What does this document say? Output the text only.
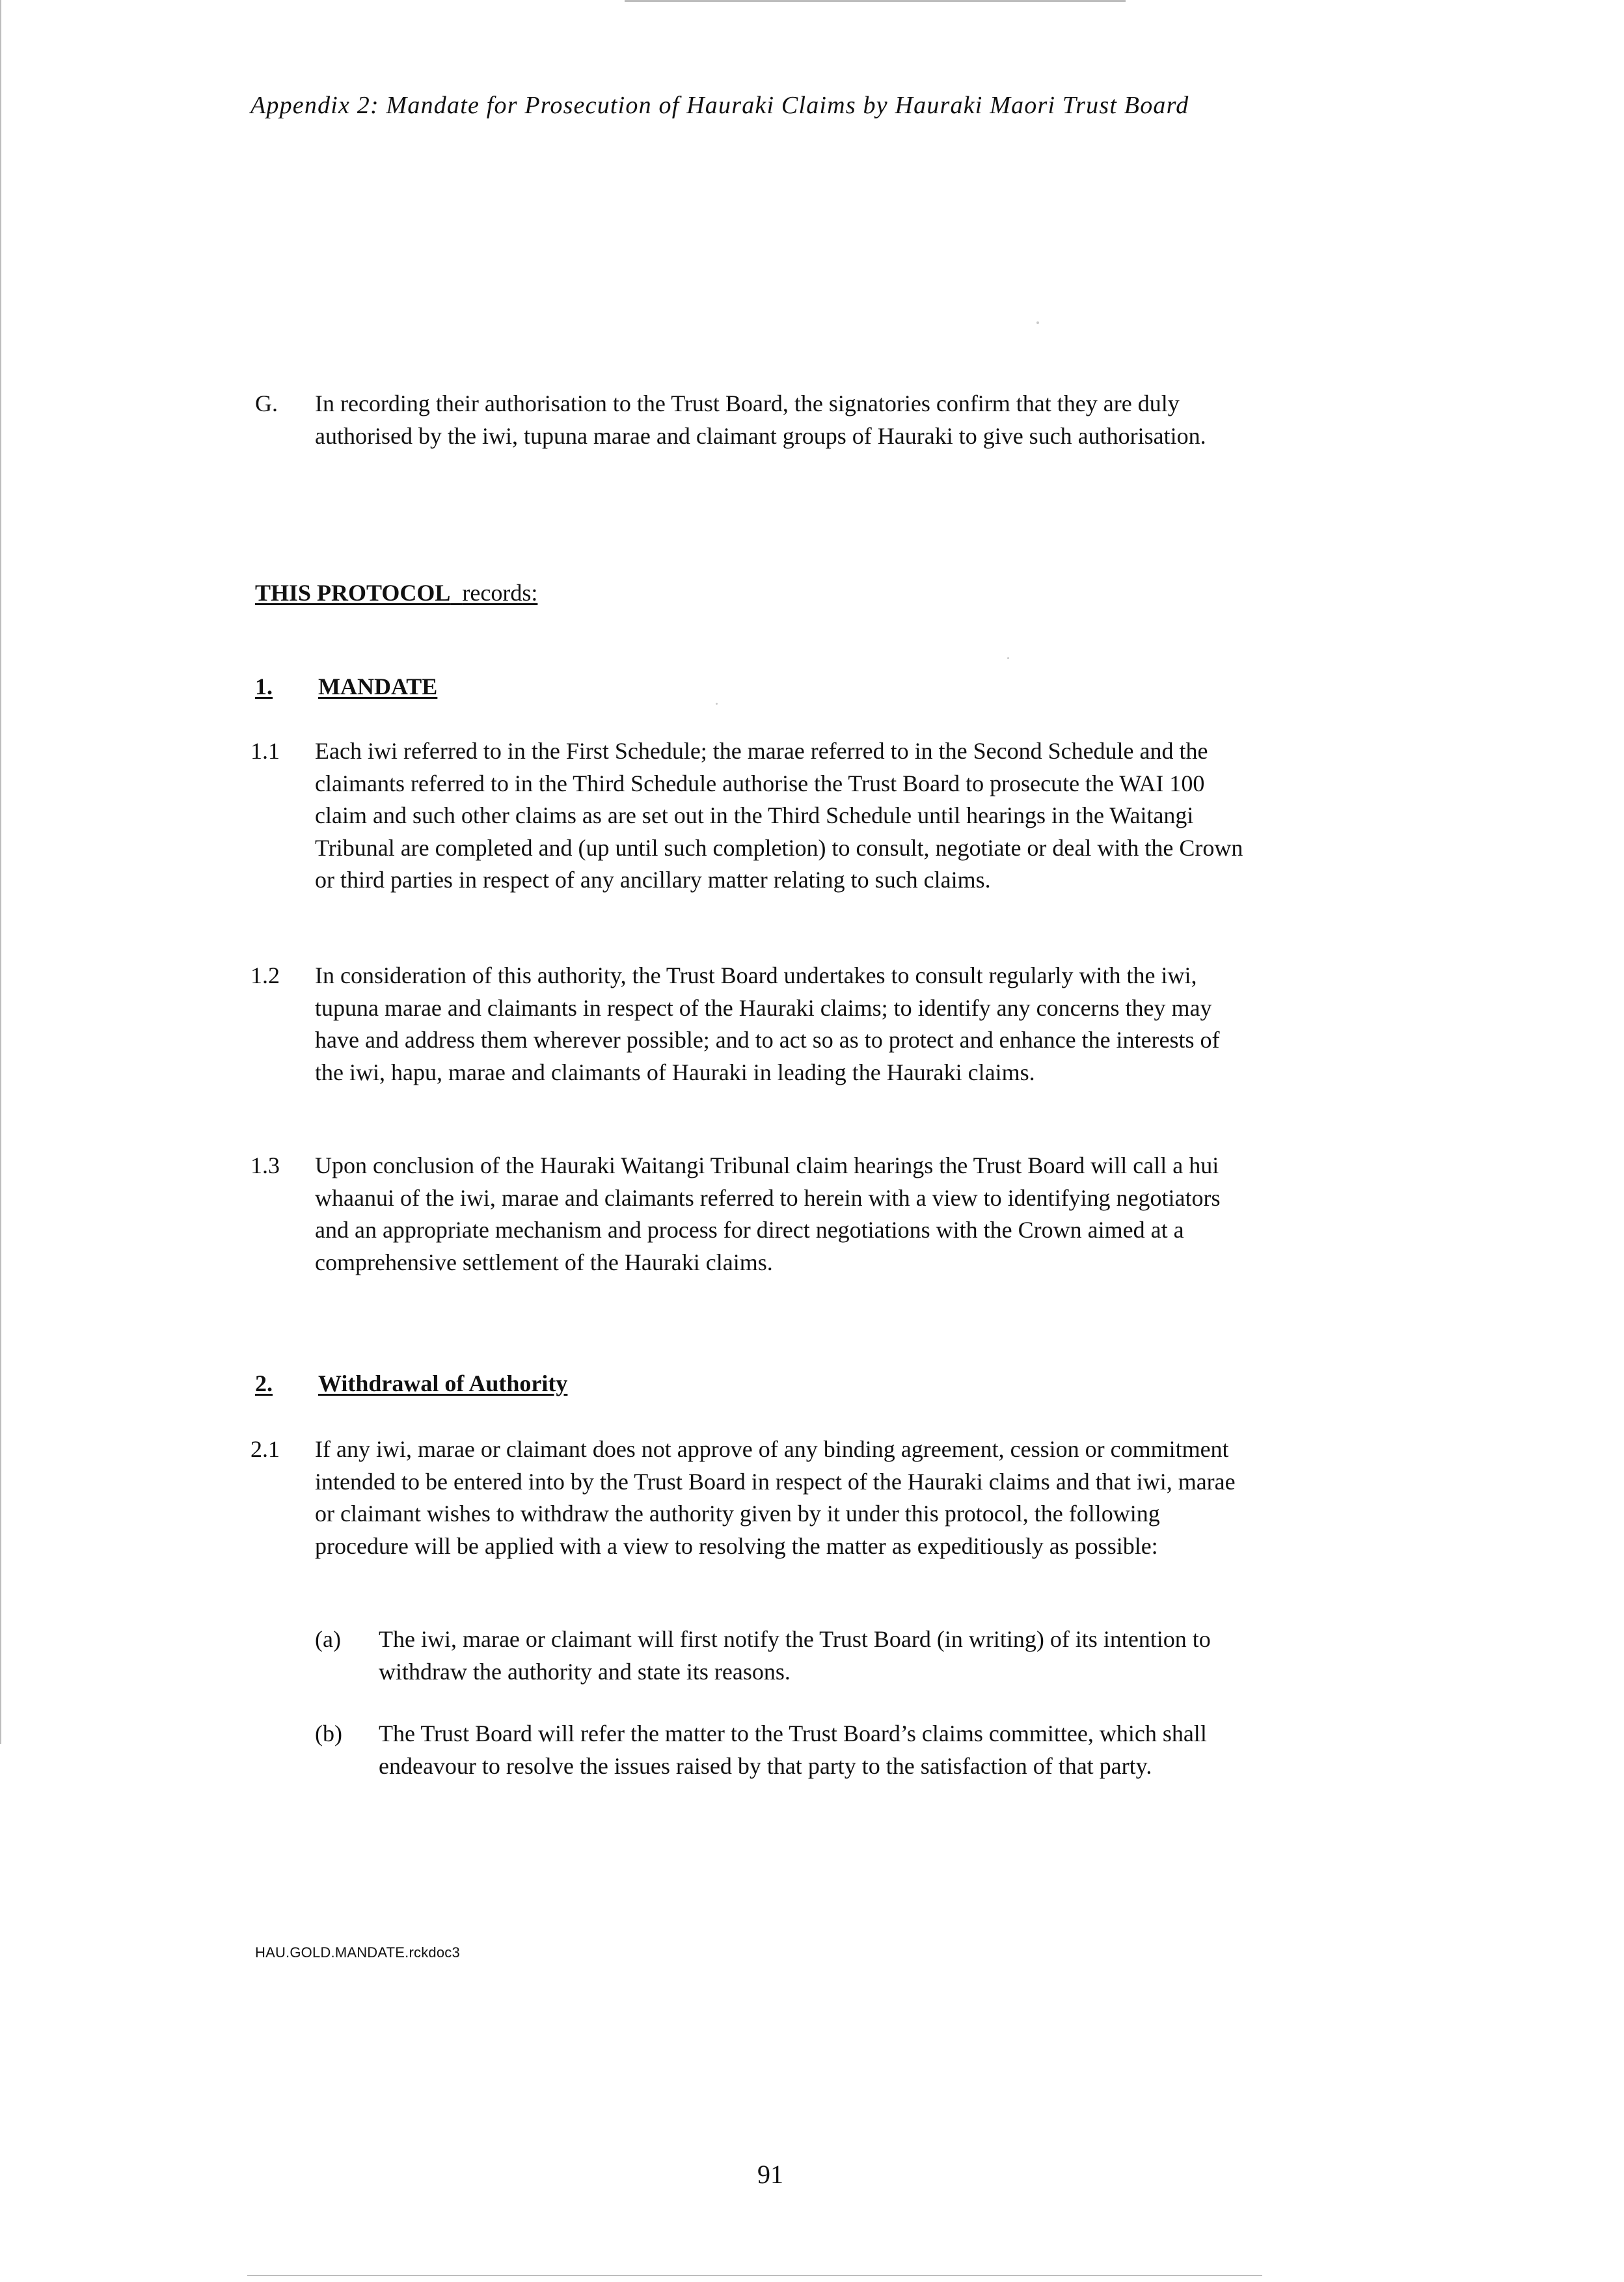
Appendix 2: Mandate for Prosecution of Hauraki Claims by Hauraki Maori Trust Board
G. In recording their authorisation to the Trust Board, the signatories confirm that they are duly authorised by the iwi, tupuna marae and claimant groups of Hauraki to give such authorisation.
THIS PROTOCOL records:
1. MANDATE
1.1 Each iwi referred to in the First Schedule; the marae referred to in the Second Schedule and the claimants referred to in the Third Schedule authorise the Trust Board to prosecute the WAI 100 claim and such other claims as are set out in the Third Schedule until hearings in the Waitangi Tribunal are completed and (up until such completion) to consult, negotiate or deal with the Crown or third parties in respect of any ancillary matter relating to such claims.
1.2 In consideration of this authority, the Trust Board undertakes to consult regularly with the iwi, tupuna marae and claimants in respect of the Hauraki claims; to identify any concerns they may have and address them wherever possible; and to act so as to protect and enhance the interests of the iwi, hapu, marae and claimants of Hauraki in leading the Hauraki claims.
1.3 Upon conclusion of the Hauraki Waitangi Tribunal claim hearings the Trust Board will call a hui whaanui of the iwi, marae and claimants referred to herein with a view to identifying negotiators and an appropriate mechanism and process for direct negotiations with the Crown aimed at a comprehensive settlement of the Hauraki claims.
2. Withdrawal of Authority
2.1 If any iwi, marae or claimant does not approve of any binding agreement, cession or commitment intended to be entered into by the Trust Board in respect of the Hauraki claims and that iwi, marae or claimant wishes to withdraw the authority given by it under this protocol, the following procedure will be applied with a view to resolving the matter as expeditiously as possible:
(a) The iwi, marae or claimant will first notify the Trust Board (in writing) of its intention to withdraw the authority and state its reasons.
(b) The Trust Board will refer the matter to the Trust Board’s claims committee, which shall endeavour to resolve the issues raised by that party to the satisfaction of that party.
HAU.GOLD.MANDATE.rckdoc3
91
